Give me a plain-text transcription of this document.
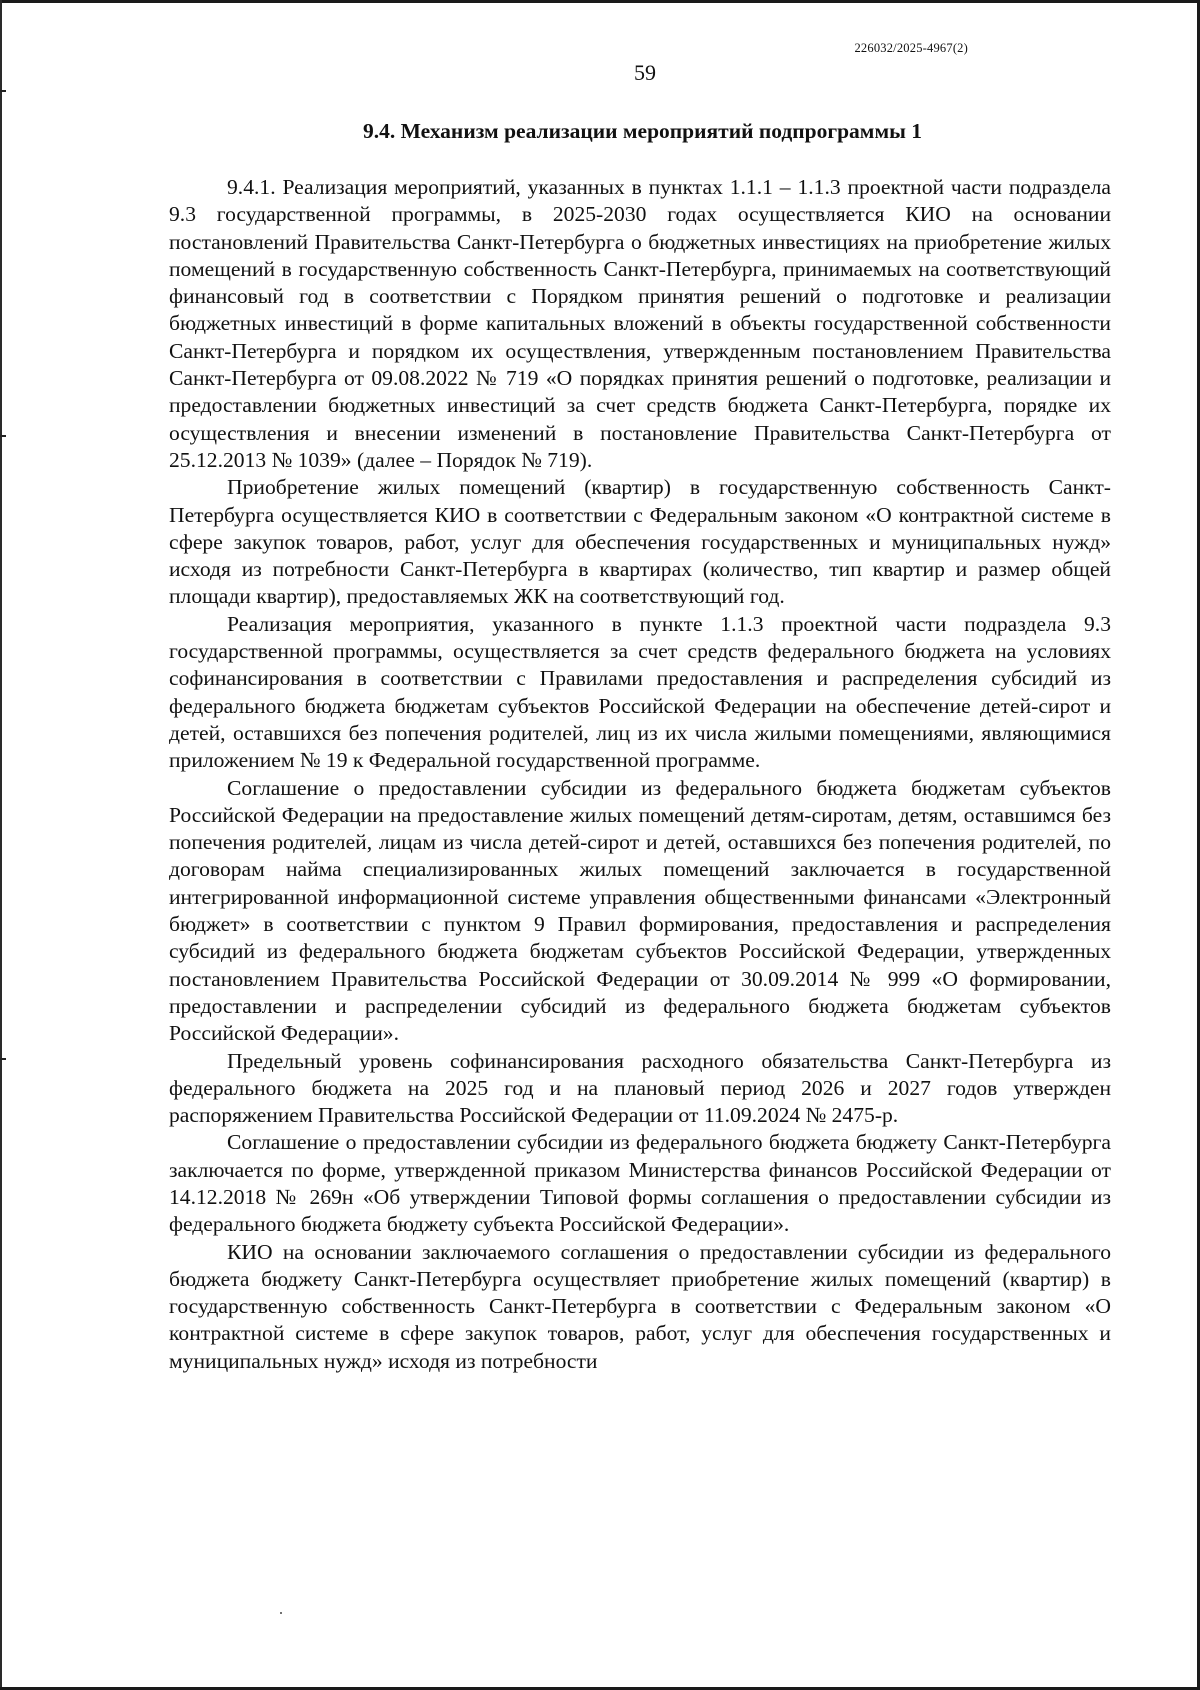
226032/2025-4967(2)
59
9.4. Механизм реализации мероприятий подпрограммы 1

9.4.1. Реализация мероприятий, указанных в пунктах 1.1.1 – 1.1.3 проектной части подраздела 9.3 государственной программы, в 2025-2030 годах осуществляется КИО на основании постановлений Правительства Санкт-Петербурга о бюджетных инвестициях на приобретение жилых помещений в государственную собственность Санкт-Петербурга, принимаемых на соответствующий финансовый год в соответствии с Порядком принятия решений о подготовке и реализации бюджетных инвестиций в форме капитальных вложений в объекты государственной собственности Санкт-Петербурга и порядком их осуществления, утвержденным постановлением Правительства Санкт-Петербурга от 09.08.2022 № 719 «О порядках принятия решений о подготовке, реализации и предоставлении бюджетных инвестиций за счет средств бюджета Санкт-Петербурга, порядке их осуществления и внесении изменений в постановление Правительства Санкт-Петербурга от 25.12.2013 № 1039» (далее – Порядок № 719).

Приобретение жилых помещений (квартир) в государственную собственность Санкт-Петербурга осуществляется КИО в соответствии с Федеральным законом «О контрактной системе в сфере закупок товаров, работ, услуг для обеспечения государственных и муниципальных нужд» исходя из потребности Санкт-Петербурга в квартирах (количество, тип квартир и размер общей площади квартир), предоставляемых ЖК на соответствующий год.

Реализация мероприятия, указанного в пункте 1.1.3 проектной части подраздела 9.3 государственной программы, осуществляется за счет средств федерального бюджета на условиях софинансирования в соответствии с Правилами предоставления и распределения субсидий из федерального бюджета бюджетам субъектов Российской Федерации на обеспечение детей-сирот и детей, оставшихся без попечения родителей, лиц из их числа жилыми помещениями, являющимися приложением № 19 к Федеральной государственной программе.

Соглашение о предоставлении субсидии из федерального бюджета бюджетам субъектов Российской Федерации на предоставление жилых помещений детям-сиротам, детям, оставшимся без попечения родителей, лицам из числа детей-сирот и детей, оставшихся без попечения родителей, по договорам найма специализированных жилых помещений заключается в государственной интегрированной информационной системе управления общественными финансами «Электронный бюджет» в соответствии с пунктом 9 Правил формирования, предоставления и распределения субсидий из федерального бюджета бюджетам субъектов Российской Федерации, утвержденных постановлением Правительства Российской Федерации от 30.09.2014 № 999 «О формировании, предоставлении и распределении субсидий из федерального бюджета бюджетам субъектов Российской Федерации».

Предельный уровень софинансирования расходного обязательства Санкт-Петербурга из федерального бюджета на 2025 год и на плановый период 2026 и 2027 годов утвержден распоряжением Правительства Российской Федерации от 11.09.2024 № 2475-р.

Соглашение о предоставлении субсидии из федерального бюджета бюджету Санкт-Петербурга заключается по форме, утвержденной приказом Министерства финансов Российской Федерации от 14.12.2018 № 269н «Об утверждении Типовой формы соглашения о предоставлении субсидии из федерального бюджета бюджету субъекта Российской Федерации».

КИО на основании заключаемого соглашения о предоставлении субсидии из федерального бюджета бюджету Санкт-Петербурга осуществляет приобретение жилых помещений (квартир) в государственную собственность Санкт-Петербурга в соответствии с Федеральным законом «О контрактной системе в сфере закупок товаров, работ, услуг для обеспечения государственных и муниципальных нужд» исходя из потребности
